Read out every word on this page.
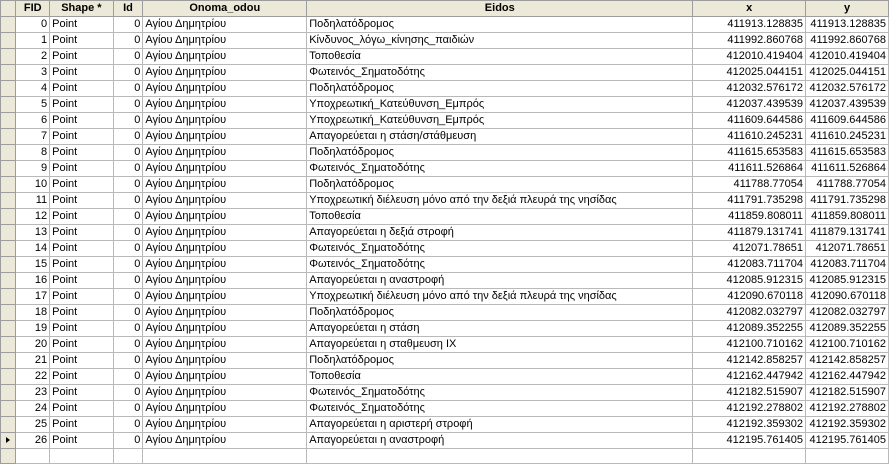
	FID	Shape *	Id	Onoma_odou	Eidos	x	y
	0	Point	0	Αγίου Δημητρίου	Ποδηλατόδρομος	411913.128835	411913.128835
	1	Point	0	Αγίου Δημητρίου	Κίνδυνος_λόγω_κίνησης_παιδιών	411992.860768	411992.860768
	2	Point	0	Αγίου Δημητρίου	Τοποθεσία	412010.419404	412010.419404
	3	Point	0	Αγίου Δημητρίου	Φωτεινός_Σηματοδότης	412025.044151	412025.044151
	4	Point	0	Αγίου Δημητρίου	Ποδηλατόδρομος	412032.576172	412032.576172
	5	Point	0	Αγίου Δημητρίου	Υποχρεωτική_Κατεύθυνση_Εμπρός	412037.439539	412037.439539
	6	Point	0	Αγίου Δημητρίου	Υποχρεωτική_Κατεύθυνση_Εμπρός	411609.644586	411609.644586
	7	Point	0	Αγίου Δημητρίου	Απαγορεύεται η στάση/στάθμευση	411610.245231	411610.245231
	8	Point	0	Αγίου Δημητρίου	Ποδηλατόδρομος	411615.653583	411615.653583
	9	Point	0	Αγίου Δημητρίου	Φωτεινός_Σηματοδότης	411611.526864	411611.526864
	10	Point	0	Αγίου Δημητρίου	Ποδηλατόδρομος	411788.77054	411788.77054
	11	Point	0	Αγίου Δημητρίου	Υποχρεωτική διέλευση μόνο από την δεξιά πλευρά της νησίδας	411791.735298	411791.735298
	12	Point	0	Αγίου Δημητρίου	Τοποθεσία	411859.808011	411859.808011
	13	Point	0	Αγίου Δημητρίου	Απαγορεύεται η δεξιά στροφή	411879.131741	411879.131741
	14	Point	0	Αγίου Δημητρίου	Φωτεινός_Σηματοδότης	412071.78651	412071.78651
	15	Point	0	Αγίου Δημητρίου	Φωτεινός_Σηματοδότης	412083.711704	412083.711704
	16	Point	0	Αγίου Δημητρίου	Απαγορεύεται η αναστροφή	412085.912315	412085.912315
	17	Point	0	Αγίου Δημητρίου	Υποχρεωτική διέλευση μόνο από την δεξιά πλευρά της νησίδας	412090.670118	412090.670118
	18	Point	0	Αγίου Δημητρίου	Ποδηλατόδρομος	412082.032797	412082.032797
	19	Point	0	Αγίου Δημητρίου	Απαγορεύεται η στάση	412089.352255	412089.352255
	20	Point	0	Αγίου Δημητρίου	Απαγορεύεται η σταθμευση ΙΧ	412100.710162	412100.710162
	21	Point	0	Αγίου Δημητρίου	Ποδηλατόδρομος	412142.858257	412142.858257
	22	Point	0	Αγίου Δημητρίου	Τοποθεσία	412162.447942	412162.447942
	23	Point	0	Αγίου Δημητρίου	Φωτεινός_Σηματοδότης	412182.515907	412182.515907
	24	Point	0	Αγίου Δημητρίου	Φωτεινός_Σηματοδότης	412192.278802	412192.278802
	25	Point	0	Αγίου Δημητρίου	Απαγορεύεται η αριστερή στροφή	412192.359302	412192.359302
	26	Point	0	Αγίου Δημητρίου	Απαγορεύεται η αναστροφή	412195.761405	412195.761405
